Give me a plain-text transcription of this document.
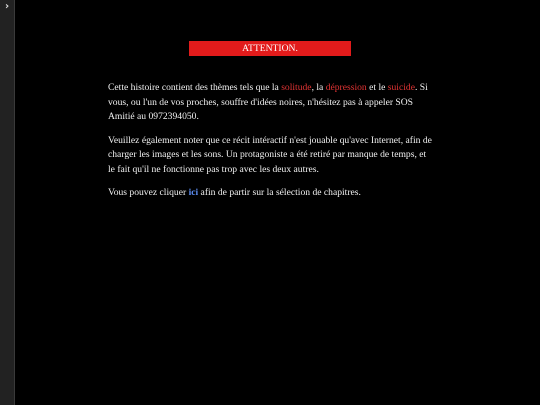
›
ATTENTION.

Cette histoire contient des thèmes tels que la solitude, la dépression et le suicide. Si vous, ou l'un de vos proches, souffre d'idées noires, n'hésitez pas à appeler SOS Amitié au 0972394050.

Veuillez également noter que ce récit intéractif n'est jouable qu'avec Internet, afin de charger les images et les sons. Un protagoniste a été retiré par manque de temps, et le fait qu'il ne fonctionne pas trop avec les deux autres.

Vous pouvez cliquer ici afin de partir sur la sélection de chapitres.
